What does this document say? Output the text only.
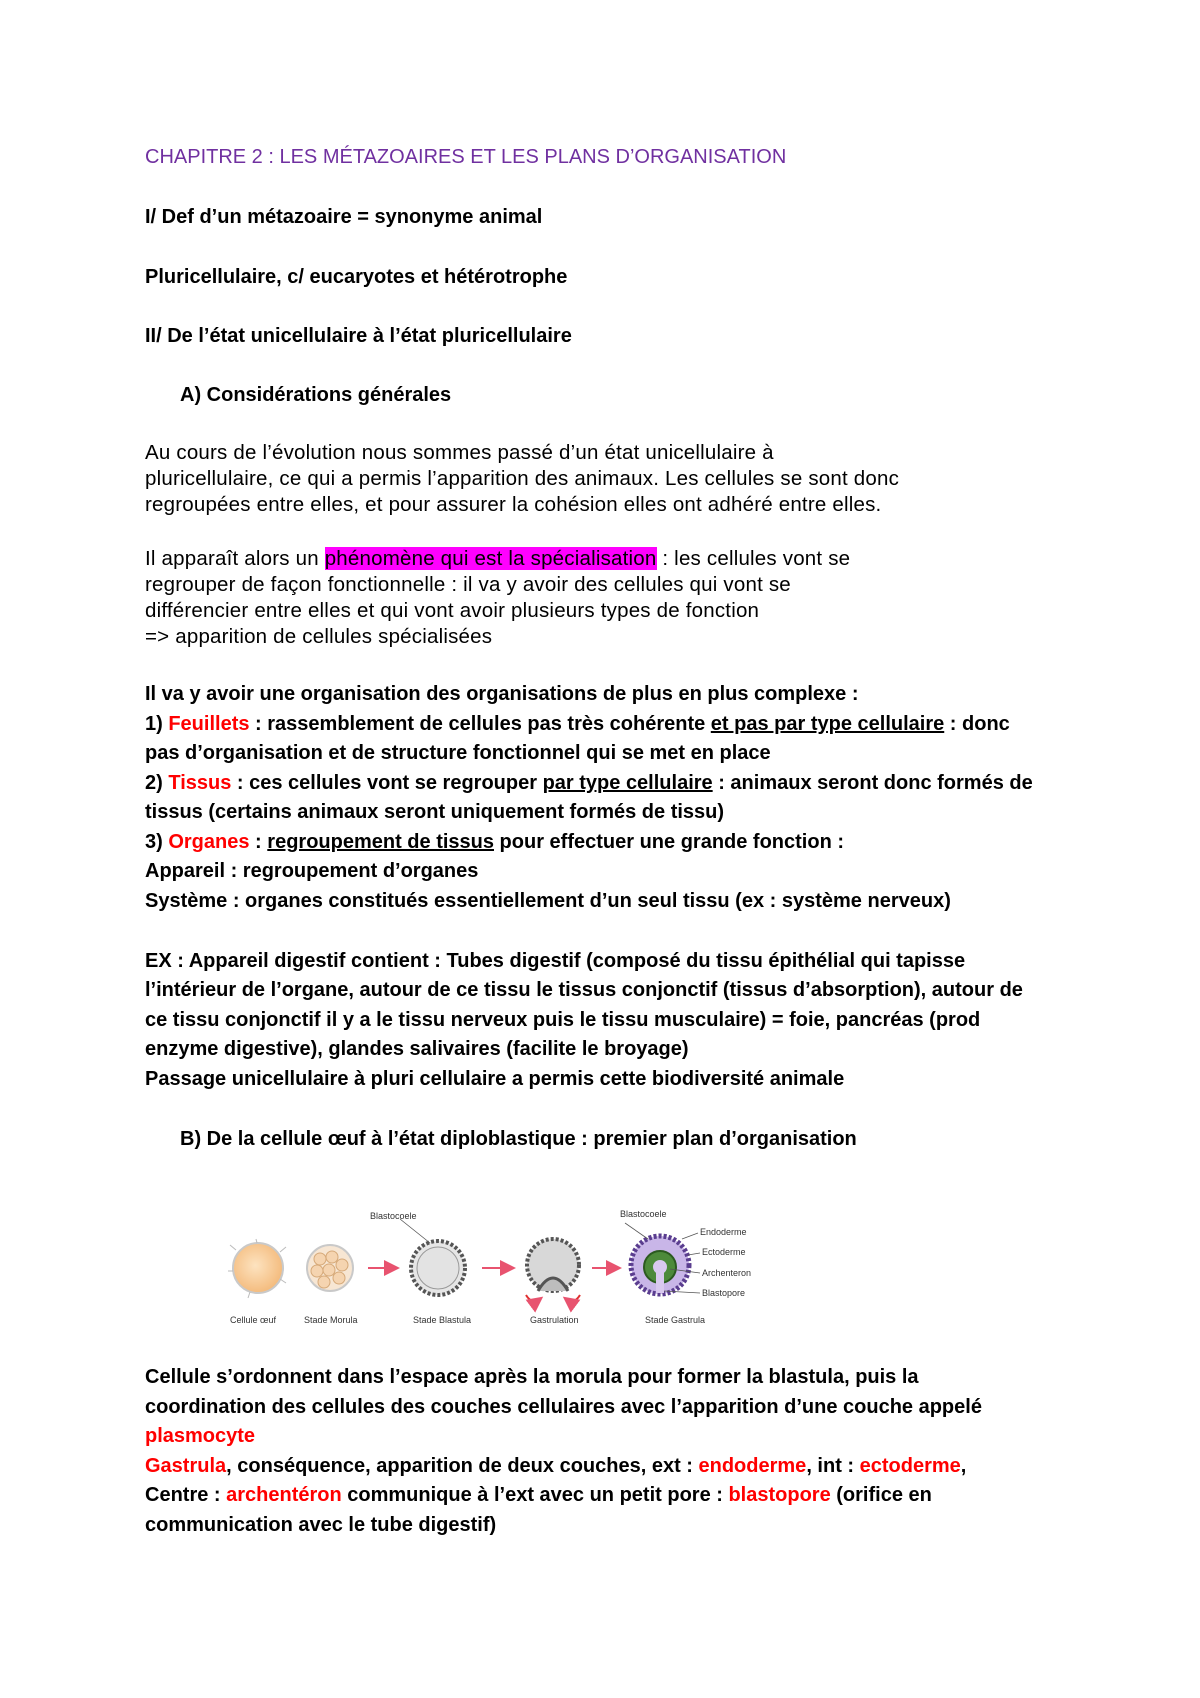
CHAPITRE 2 : LES MÉTAZOAIRES ET LES PLANS D’ORGANISATION
I/ Def d’un métazoaire = synonyme animal
Pluricellulaire, c/ eucaryotes et hétérotrophe
II/ De l’état unicellulaire à l’état pluricellulaire
A) Considérations générales
Au cours de l’évolution nous sommes passé d’un état unicellulaire à
pluricellulaire, ce qui a permis l’apparition des animaux. Les cellules se sont donc
regroupées entre elles, et pour assurer la cohésion elles ont adhéré entre elles.
Il apparaît alors un phénomène qui est la spécialisation : les cellules vont se
regrouper de façon fonctionnelle : il va y avoir des cellules qui vont se
différencier entre elles et qui vont avoir plusieurs types de fonction
=> apparition de cellules spécialisées
Il va y avoir une organisation des organisations de plus en plus complexe :
1) Feuillets : rassemblement de cellules pas très cohérente et pas par type cellulaire : donc
pas d’organisation et de structure fonctionnel qui se met en place
2) Tissus : ces cellules vont se regrouper par type cellulaire : animaux seront donc formés de
tissus (certains animaux seront uniquement formés de tissu)
3) Organes : regroupement de tissus pour effectuer une grande fonction :
Appareil : regroupement d’organes
Système : organes constitués essentiellement d’un seul tissu (ex : système nerveux)
EX : Appareil digestif contient : Tubes digestif (composé du tissu épithélial qui tapisse
l’intérieur de l’organe, autour de ce tissu le tissus conjonctif (tissus d’absorption), autour de
ce tissu conjonctif il y a le tissu nerveux puis le tissu musculaire) = foie, pancréas (prod
enzyme digestive), glandes salivaires (facilite le broyage)
Passage unicellulaire à pluri cellulaire a permis cette biodiversité animale
B) De la cellule œuf à l’état diploblastique : premier plan d’organisation
Blastocoele	Blastocoele
Endoderme
Ectoderme
Archenteron
Blastopore
Cellule œuf	Stade Morula	Stade Blastula	Gastrulation	Stade Gastrula
Cellule s’ordonnent dans l’espace après la morula pour former la blastula, puis la
coordination des cellules des couches cellulaires avec l’apparition d’une couche appelé
plasmocyte
Gastrula, conséquence, apparition de deux couches, ext : endoderme, int : ectoderme,
Centre : archentéron communique à l’ext avec un petit pore : blastopore (orifice en
communication avec le tube digestif)
